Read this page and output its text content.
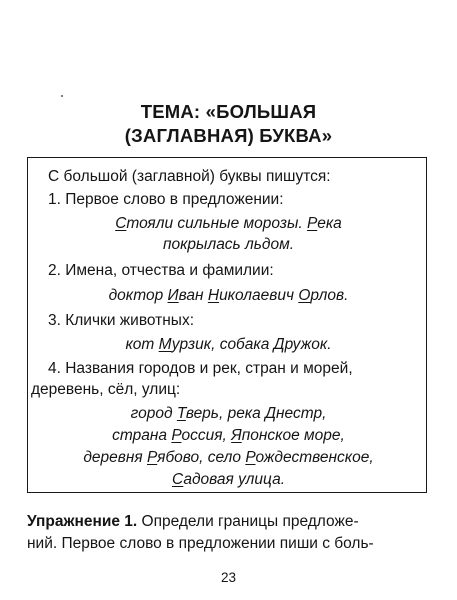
ТЕМА: «БОЛЬШАЯ
(ЗАГЛАВНАЯ) БУКВА»
С большой (заглавной) буквы пишутся:
1. Первое слово в предложении:
Стояли сильные морозы. Река
покрылась льдом.
2. Имена, отчества и фамилии:
доктор Иван Николаевич Орлов.
3. Клички животных:
кот Мурзик, собака Дружок.
4. Названия городов и рек, стран и морей,
деревень, сёл, улиц:
город Тверь, река Днестр,
страна Россия, Японское море,
деревня Рябово, село Рождественское,
Садовая улица.
Упражнение 1. Определи границы предложе-
ний. Первое слово в предложении пиши с боль-
23
